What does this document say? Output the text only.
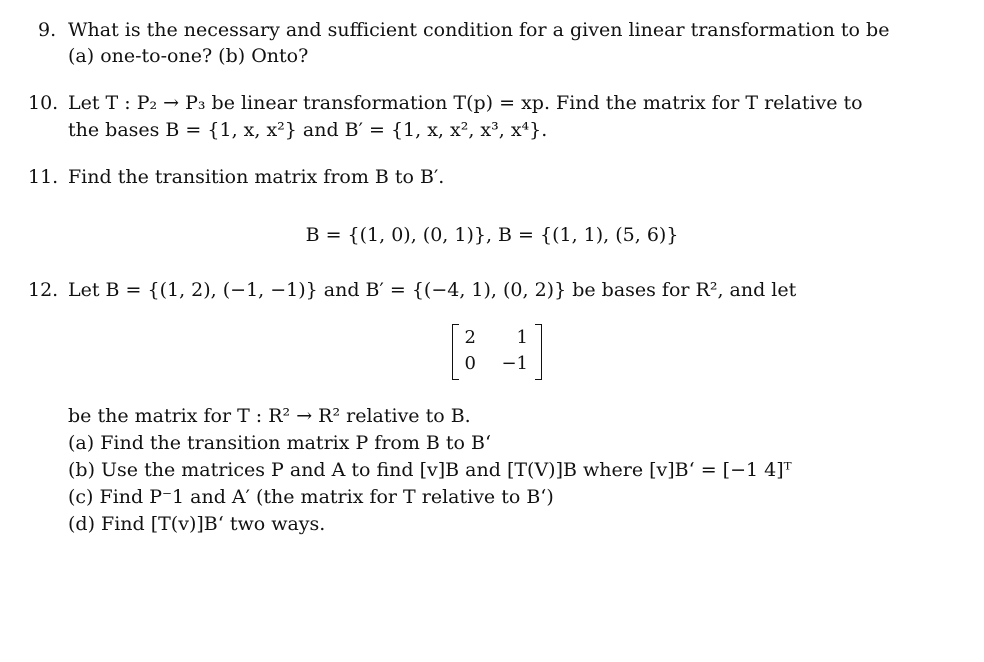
9. What is the necessary and sufficient condition for a given linear transformation to be
(a) one-to-one? (b) Onto?
10. Let T : P₂ → P₃ be linear transformation T(p) = xp. Find the matrix for T relative to
the bases B = {1, x, x²} and B′ = {1, x, x², x³, x⁴}.
11. Find the transition matrix from B to B′.
B = {(1, 0), (0, 1)}, B = {(1, 1), (5, 6)}
12. Let B = {(1, 2), (−1, −1)} and B′ = {(−4, 1), (0, 2)} be bases for R², and let
2	1
0	−1
be the matrix for T : R² → R² relative to B.
(a) Find the transition matrix P from B to B‘
(b) Use the matrices P and A to find [v]B and [T(V)]B where [v]B‘ = [−1 4]ᵀ
(c) Find P⁻1 and A′ (the matrix for T relative to B‘)
(d) Find [T(v)]B‘ two ways.
